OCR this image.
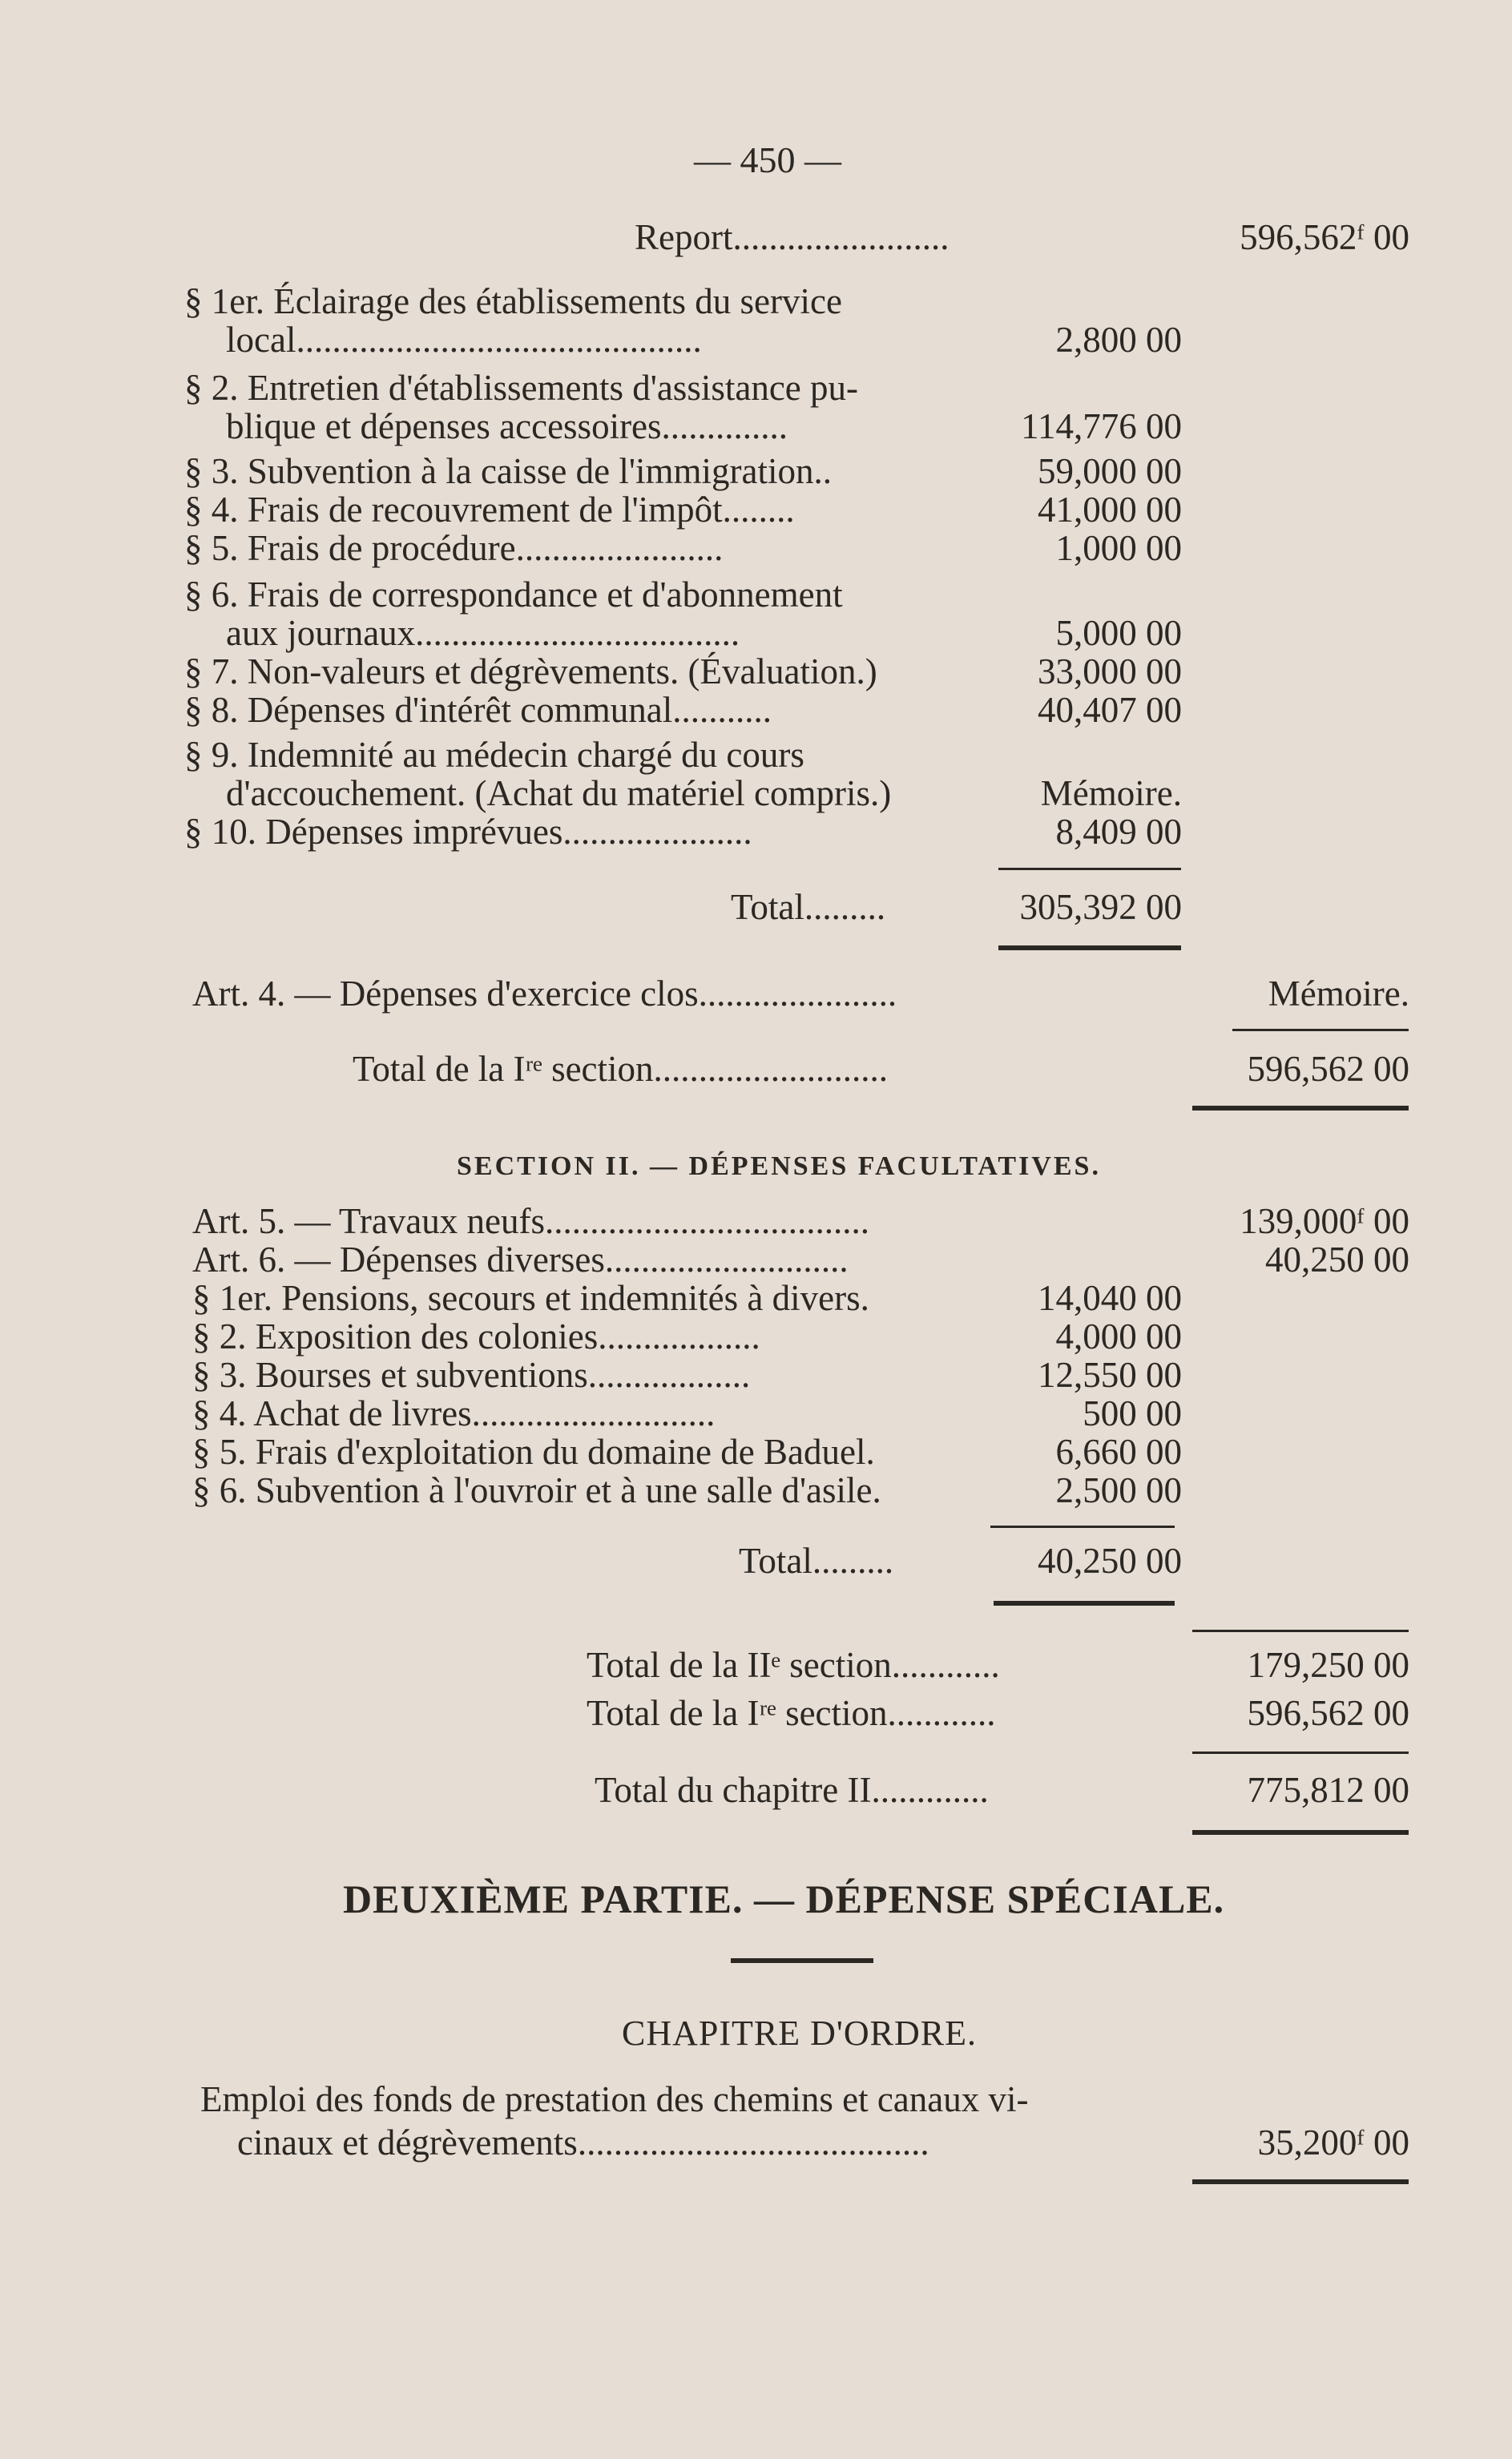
— 450 —
Report........................	596,562ᶠ 00
§ 1er. Éclairage des établissements du service
local.............................................	2,800 00
§ 2. Entretien d'établissements d'assistance pu-
blique et dépenses accessoires..............	114,776 00
§ 3. Subvention à la caisse de l'immigration..	59,000 00
§ 4. Frais de recouvrement de l'impôt........	41,000 00
§ 5. Frais de procédure.......................	1,000 00
§ 6. Frais de correspondance et d'abonnement
aux journaux....................................	5,000 00
§ 7. Non-valeurs et dégrèvements. (Évaluation.)	33,000 00
§ 8. Dépenses d'intérêt communal...........	40,407 00
§ 9. Indemnité au médecin chargé du cours
d'accouchement. (Achat du matériel compris.)	Mémoire.
§ 10. Dépenses imprévues.....................	8,409 00
Total.........	305,392 00
Art. 4. — Dépenses d'exercice clos......................	Mémoire.
Total de la Iʳᵉ section..........................	596,562 00
SECTION II. — DÉPENSES FACULTATIVES.
Art. 5. — Travaux neufs....................................	139,000ᶠ 00
Art. 6. — Dépenses diverses...........................	40,250 00
§ 1er. Pensions, secours et indemnités à divers.	14,040 00
§ 2. Exposition des colonies..................	4,000 00
§ 3. Bourses et subventions..................	12,550 00
§ 4. Achat de livres...........................	500 00
§ 5. Frais d'exploitation du domaine de Baduel.	6,660 00
§ 6. Subvention à l'ouvroir et à une salle d'asile.	2,500 00
Total.........	40,250 00
Total de la IIᵉ section............	179,250 00
Total de la Iʳᵉ section............	596,562 00
Total du chapitre II.............	775,812 00
DEUXIÈME PARTIE. — DÉPENSE SPÉCIALE.
CHAPITRE D'ORDRE.
Emploi des fonds de prestation des chemins et canaux vi-
cinaux et dégrèvements.......................................	35,200ᶠ 00
